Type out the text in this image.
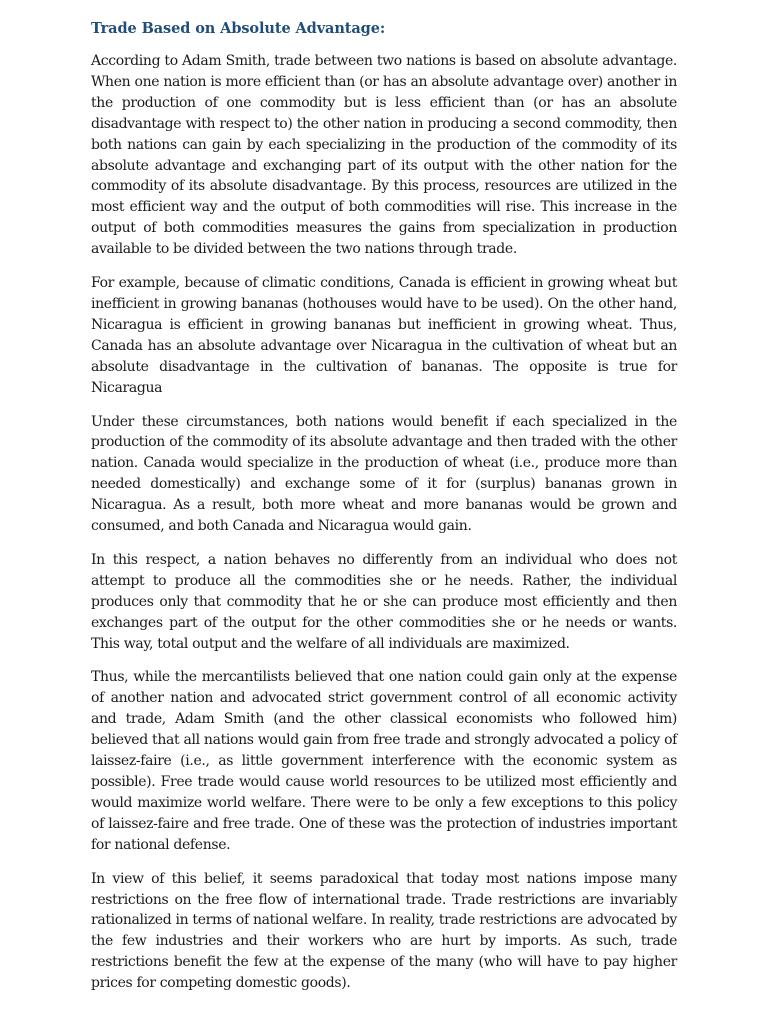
Trade Based on Absolute Advantage:

According to Adam Smith, trade between two nations is based on absolute advantage. When one nation is more efficient than (or has an absolute advantage over) another in the production of one commodity but is less efficient than (or has an absolute disadvantage with respect to) the other nation in producing a second commodity, then both nations can gain by each specializing in the production of the commodity of its absolute advantage and exchanging part of its output with the other nation for the commodity of its absolute disadvantage. By this process, resources are utilized in the most efficient way and the output of both commodities will rise. This increase in the output of both commodities measures the gains from specialization in production available to be divided between the two nations through trade.

For example, because of climatic conditions, Canada is efficient in growing wheat but inefficient in growing bananas (hothouses would have to be used). On the other hand, Nicaragua is efficient in growing bananas but inefficient in growing wheat. Thus, Canada has an absolute advantage over Nicaragua in the cultivation of wheat but an absolute disadvantage in the cultivation of bananas. The opposite is true for Nicaragua

Under these circumstances, both nations would benefit if each specialized in the production of the commodity of its absolute advantage and then traded with the other nation. Canada would specialize in the production of wheat (i.e., produce more than needed domestically) and exchange some of it for (surplus) bananas grown in Nicaragua. As a result, both more wheat and more bananas would be grown and consumed, and both Canada and Nicaragua would gain.

In this respect, a nation behaves no differently from an individual who does not attempt to produce all the commodities she or he needs. Rather, the individual produces only that commodity that he or she can produce most efficiently and then exchanges part of the output for the other commodities she or he needs or wants. This way, total output and the welfare of all individuals are maximized.

Thus, while the mercantilists believed that one nation could gain only at the expense of another nation and advocated strict government control of all economic activity and trade, Adam Smith (and the other classical economists who followed him) believed that all nations would gain from free trade and strongly advocated a policy of laissez-faire (i.e., as little government interference with the economic system as possible). Free trade would cause world resources to be utilized most efficiently and would maximize world welfare. There were to be only a few exceptions to this policy of laissez-faire and free trade. One of these was the protection of industries important for national defense.

In view of this belief, it seems paradoxical that today most nations impose many restrictions on the free flow of international trade. Trade restrictions are invariably rationalized in terms of national welfare. In reality, trade restrictions are advocated by the few industries and their workers who are hurt by imports. As such, trade restrictions benefit the few at the expense of the many (who will have to pay higher prices for competing domestic goods).
